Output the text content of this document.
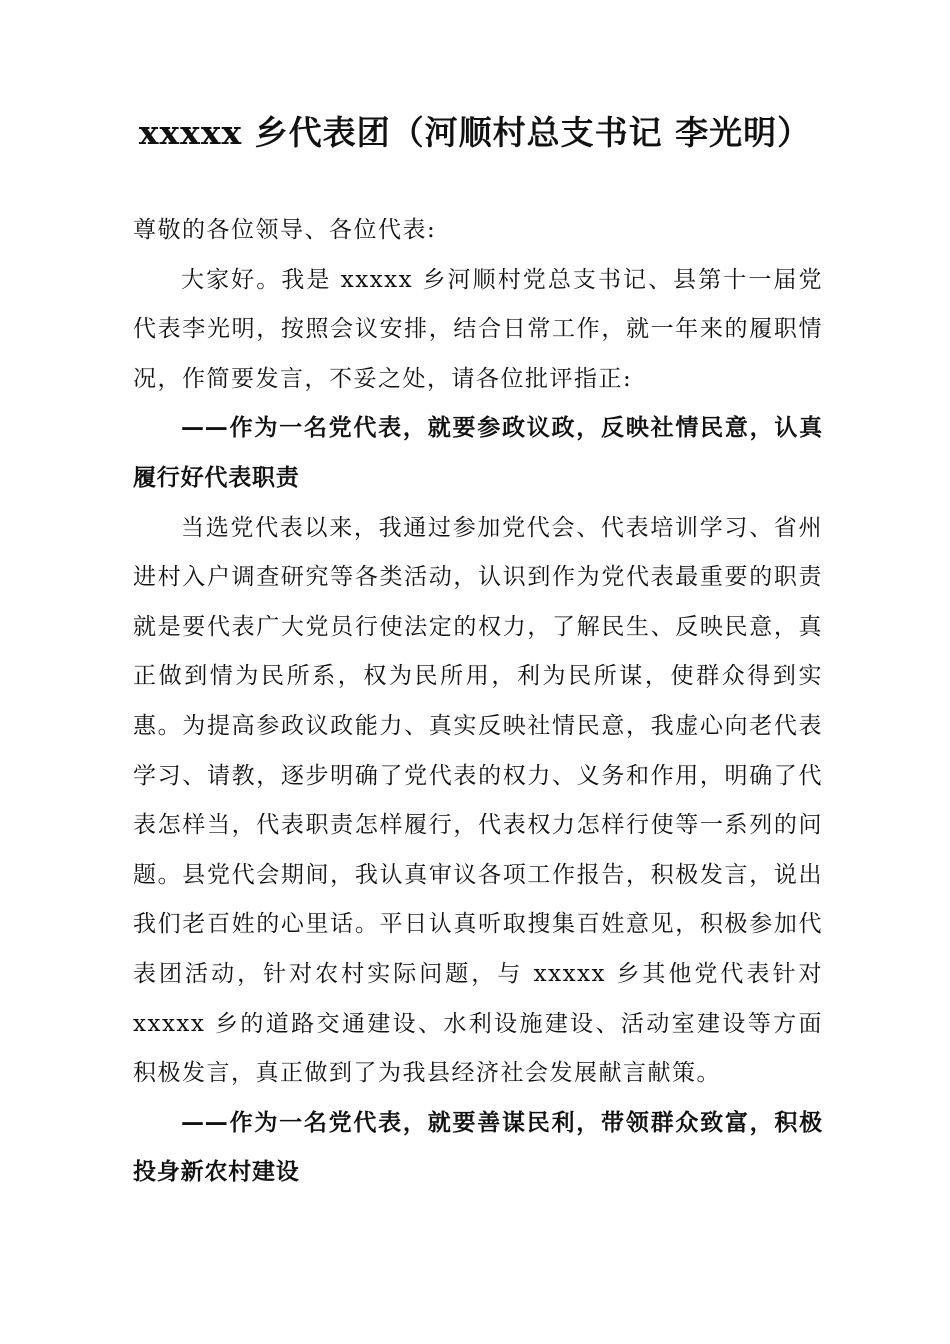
xxxxx 乡代表团（河顺村总支书记 李光明）

尊敬的各位领导、各位代表:

大家好。我是 xxxxx 乡河顺村党总支书记、县第十一届党代表李光明，按照会议安排，结合日常工作，就一年来的履职情况，作简要发言，不妥之处，请各位批评指正:

——作为一名党代表，就要参政议政，反映社情民意，认真履行好代表职责

当选党代表以来，我通过参加党代会、代表培训学习、省州进村入户调查研究等各类活动，认识到作为党代表最重要的职责就是要代表广大党员行使法定的权力，了解民生、反映民意，真正做到情为民所系，权为民所用，利为民所谋，使群众得到实惠。为提高参政议政能力、真实反映社情民意，我虚心向老代表学习、请教，逐步明确了党代表的权力、义务和作用，明确了代表怎样当，代表职责怎样履行，代表权力怎样行使等一系列的问题。县党代会期间，我认真审议各项工作报告，积极发言，说出我们老百姓的心里话。平日认真听取搜集百姓意见，积极参加代表团活动，针对农村实际问题，与 xxxxx 乡其他党代表针对 xxxxx 乡的道路交通建设、水利设施建设、活动室建设等方面积极发言，真正做到了为我县经济社会发展献言献策。

——作为一名党代表，就要善谋民利，带领群众致富，积极投身新农村建设
